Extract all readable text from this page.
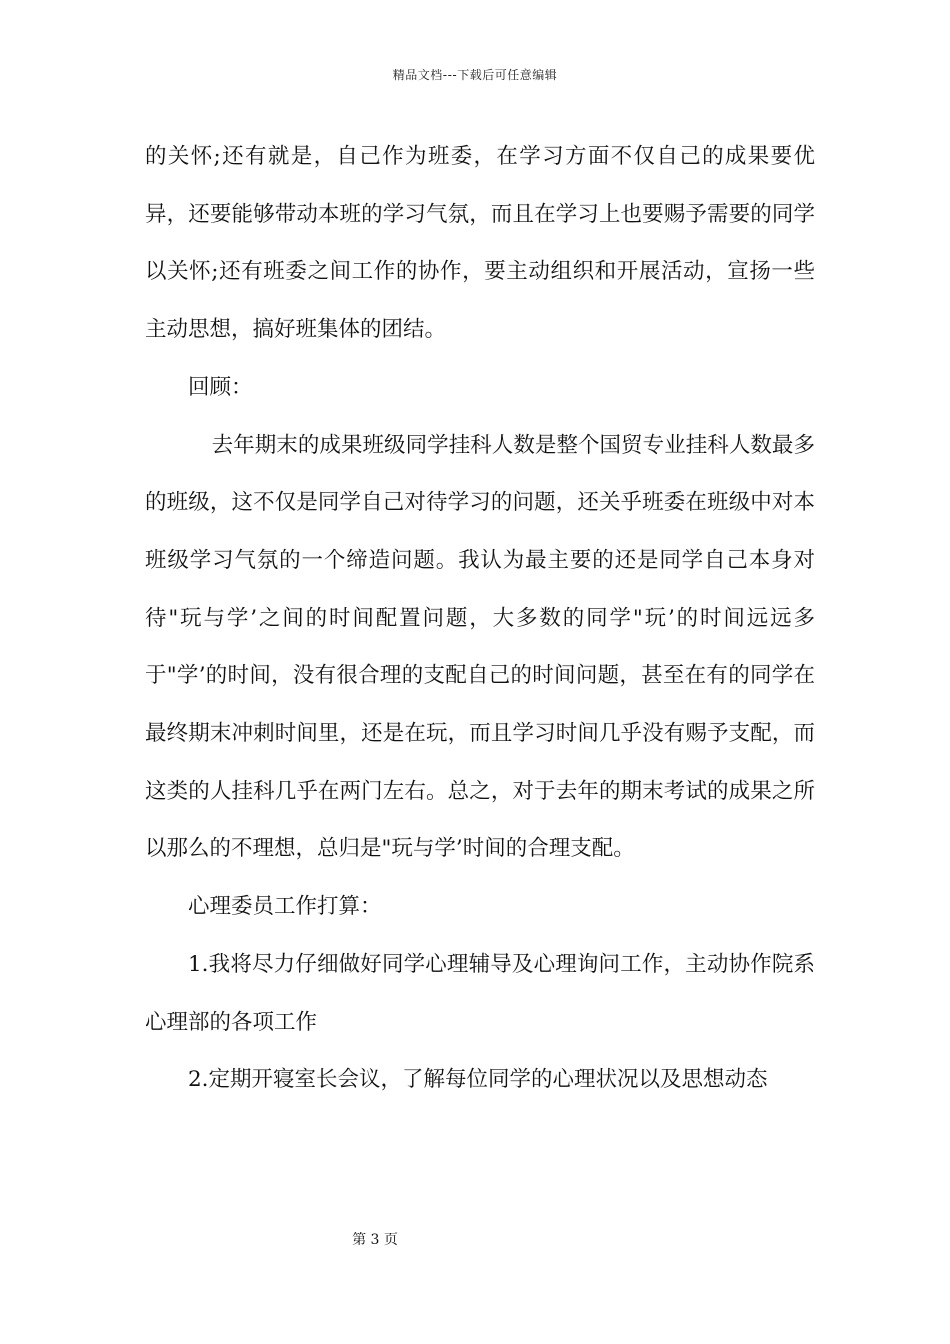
精品文档---下载后可任意编辑

的关怀;还有就是，自己作为班委，在学习方面不仅自己的成果要优异，还要能够带动本班的学习气氛，而且在学习上也要赐予需要的同学以关怀;还有班委之间工作的协作，要主动组织和开展活动，宣扬一些主动思想，搞好班集体的团结。

回顾：

去年期末的成果班级同学挂科人数是整个国贸专业挂科人数最多的班级，这不仅是同学自己对待学习的问题，还关乎班委在班级中对本班级学习气氛的一个缔造问题。我认为最主要的还是同学自己本身对待"玩与学’之间的时间配置问题，大多数的同学"玩’的时间远远多于"学’的时间，没有很合理的支配自己的时间问题，甚至在有的同学在最终期末冲刺时间里，还是在玩，而且学习时间几乎没有赐予支配，而这类的人挂科几乎在两门左右。总之，对于去年的期末考试的成果之所以那么的不理想，总归是"玩与学’时间的合理支配。

心理委员工作打算：

1.我将尽力仔细做好同学心理辅导及心理询问工作，主动协作院系心理部的各项工作

2.定期开寝室长会议，了解每位同学的心理状况以及思想动态

第 3 页
